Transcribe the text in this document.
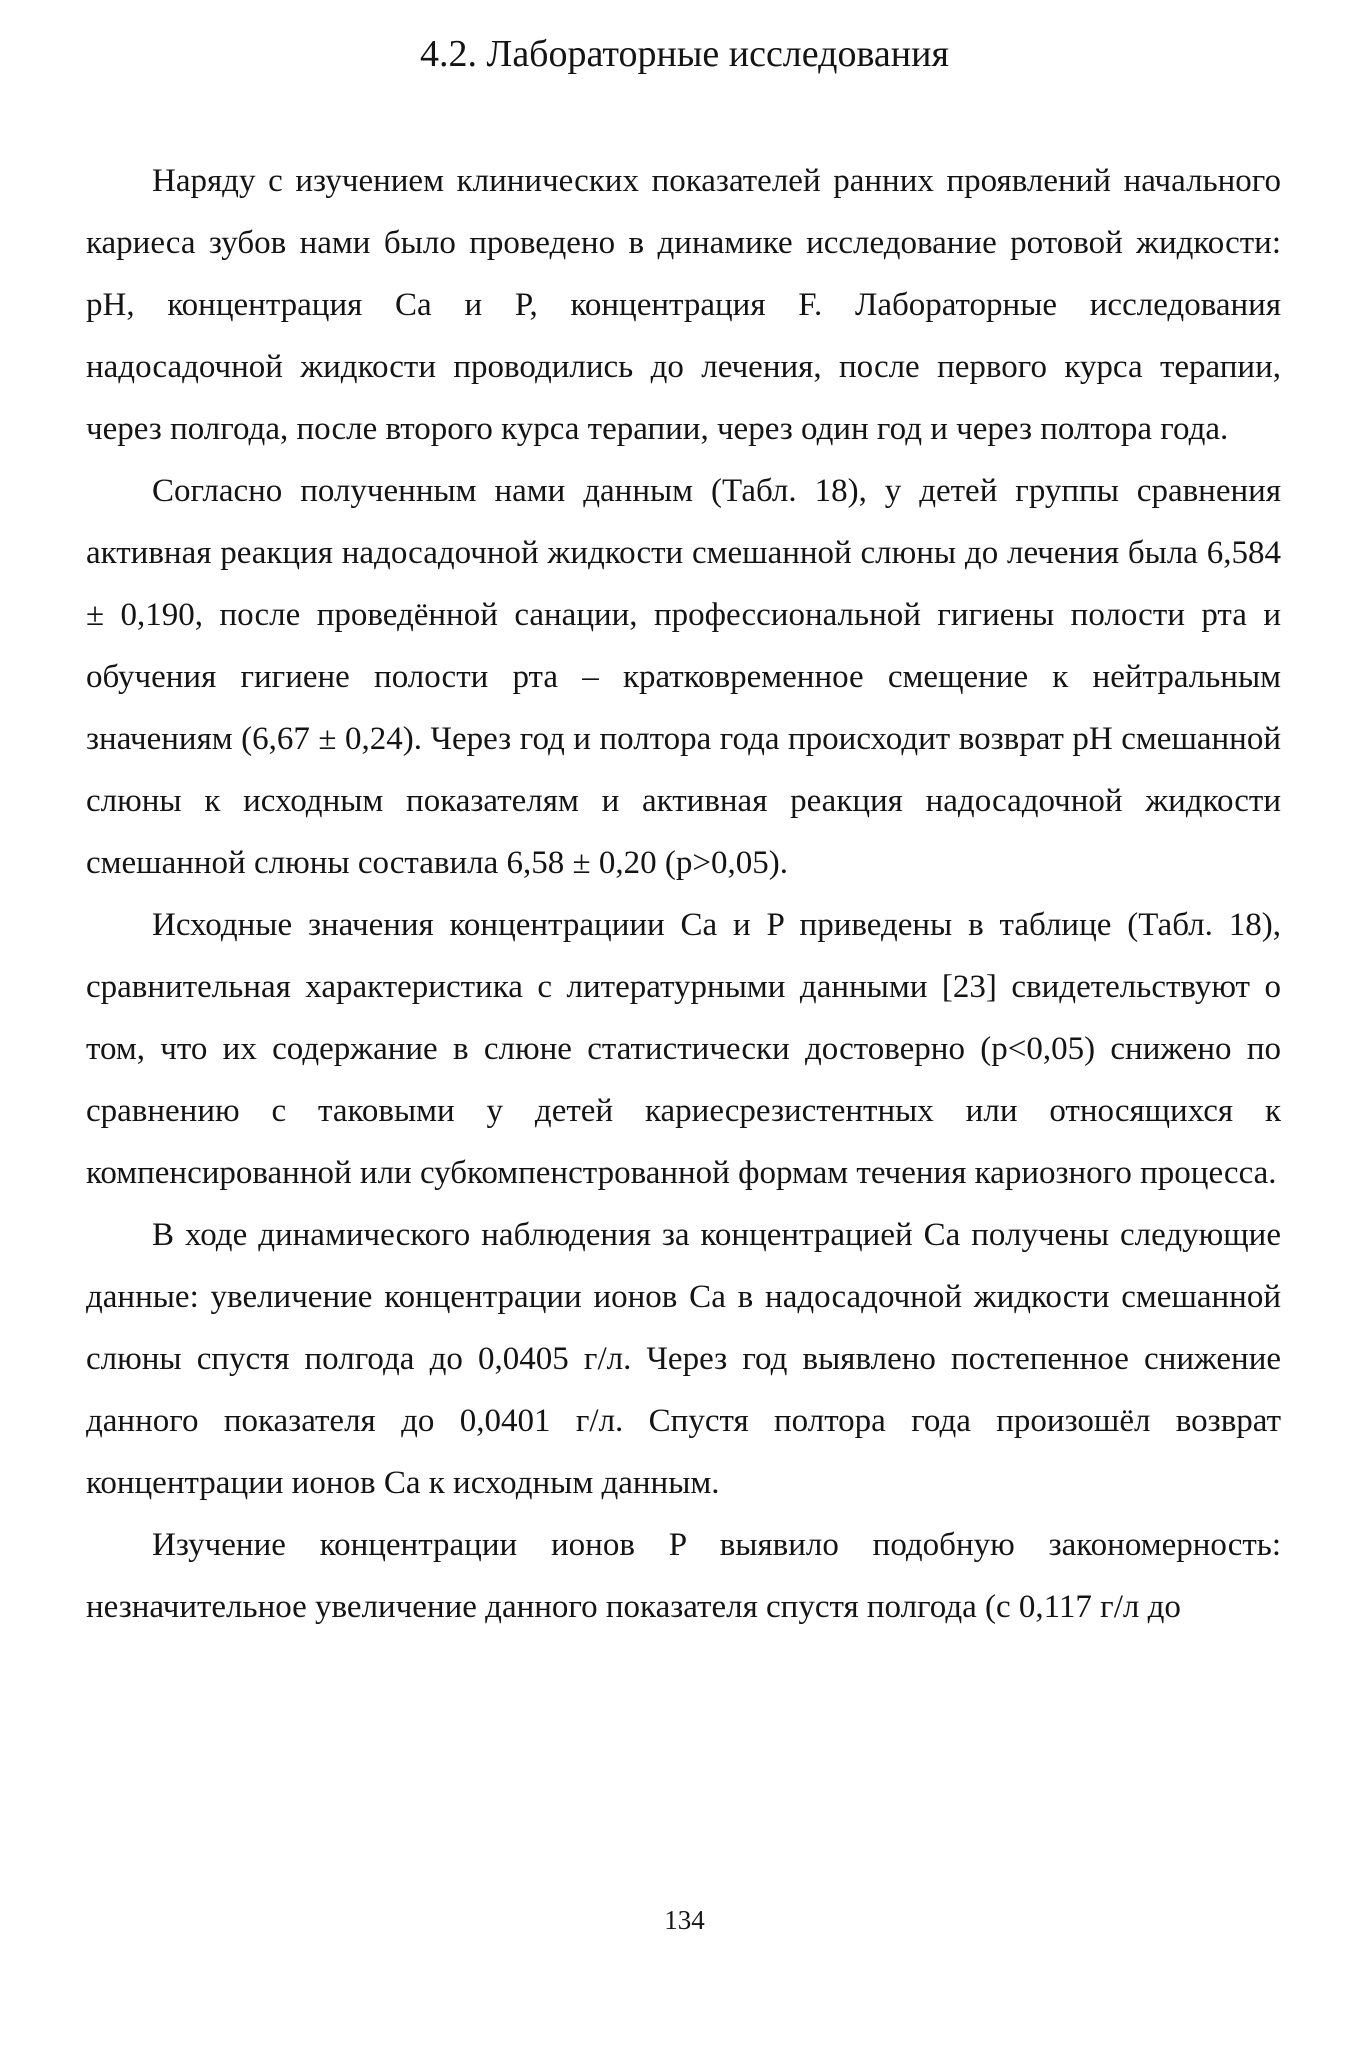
4.2. Лабораторные исследования

Наряду с изучением клинических показателей ранних проявлений начального кариеса зубов нами было проведено в динамике исследование ротовой жидкости: pH, концентрация Ca и P, концентрация F. Лабораторные исследования надосадочной жидкости проводились до лечения, после первого курса терапии, через полгода, после второго курса терапии, через один год и через полтора года.

Согласно полученным нами данным (Табл. 18), у детей группы сравнения активная реакция надосадочной жидкости смешанной слюны до лечения была 6,584 ± 0,190, после проведённой санации, профессиональной гигиены полости рта и обучения гигиене полости рта – кратковременное смещение к нейтральным значениям (6,67 ± 0,24). Через год и полтора года происходит возврат pH смешанной слюны к исходным показателям и активная реакция надосадочной жидкости смешанной слюны составила 6,58 ± 0,20 (p>0,05).

Исходные значения концентрациии Ca и P приведены в таблице (Табл. 18), сравнительная характеристика с литературными данными [23] свидетельствуют о том, что их содержание в слюне статистически достоверно (p<0,05) снижено по сравнению с таковыми у детей кариесрезистентных или относящихся к компенсированной или субкомпенстрованной формам течения кариозного процесса.

В ходе динамического наблюдения за концентрацией Ca получены следующие данные: увеличение концентрации ионов Ca в надосадочной жидкости смешанной слюны спустя полгода до 0,0405 г/л. Через год выявлено постепенное снижение данного показателя до 0,0401 г/л. Спустя полтора года произошёл возврат концентрации ионов Ca к исходным данным.

Изучение концентрации ионов P выявило подобную закономерность: незначительное увеличение данного показателя спустя полгода (с 0,117 г/л до

134
